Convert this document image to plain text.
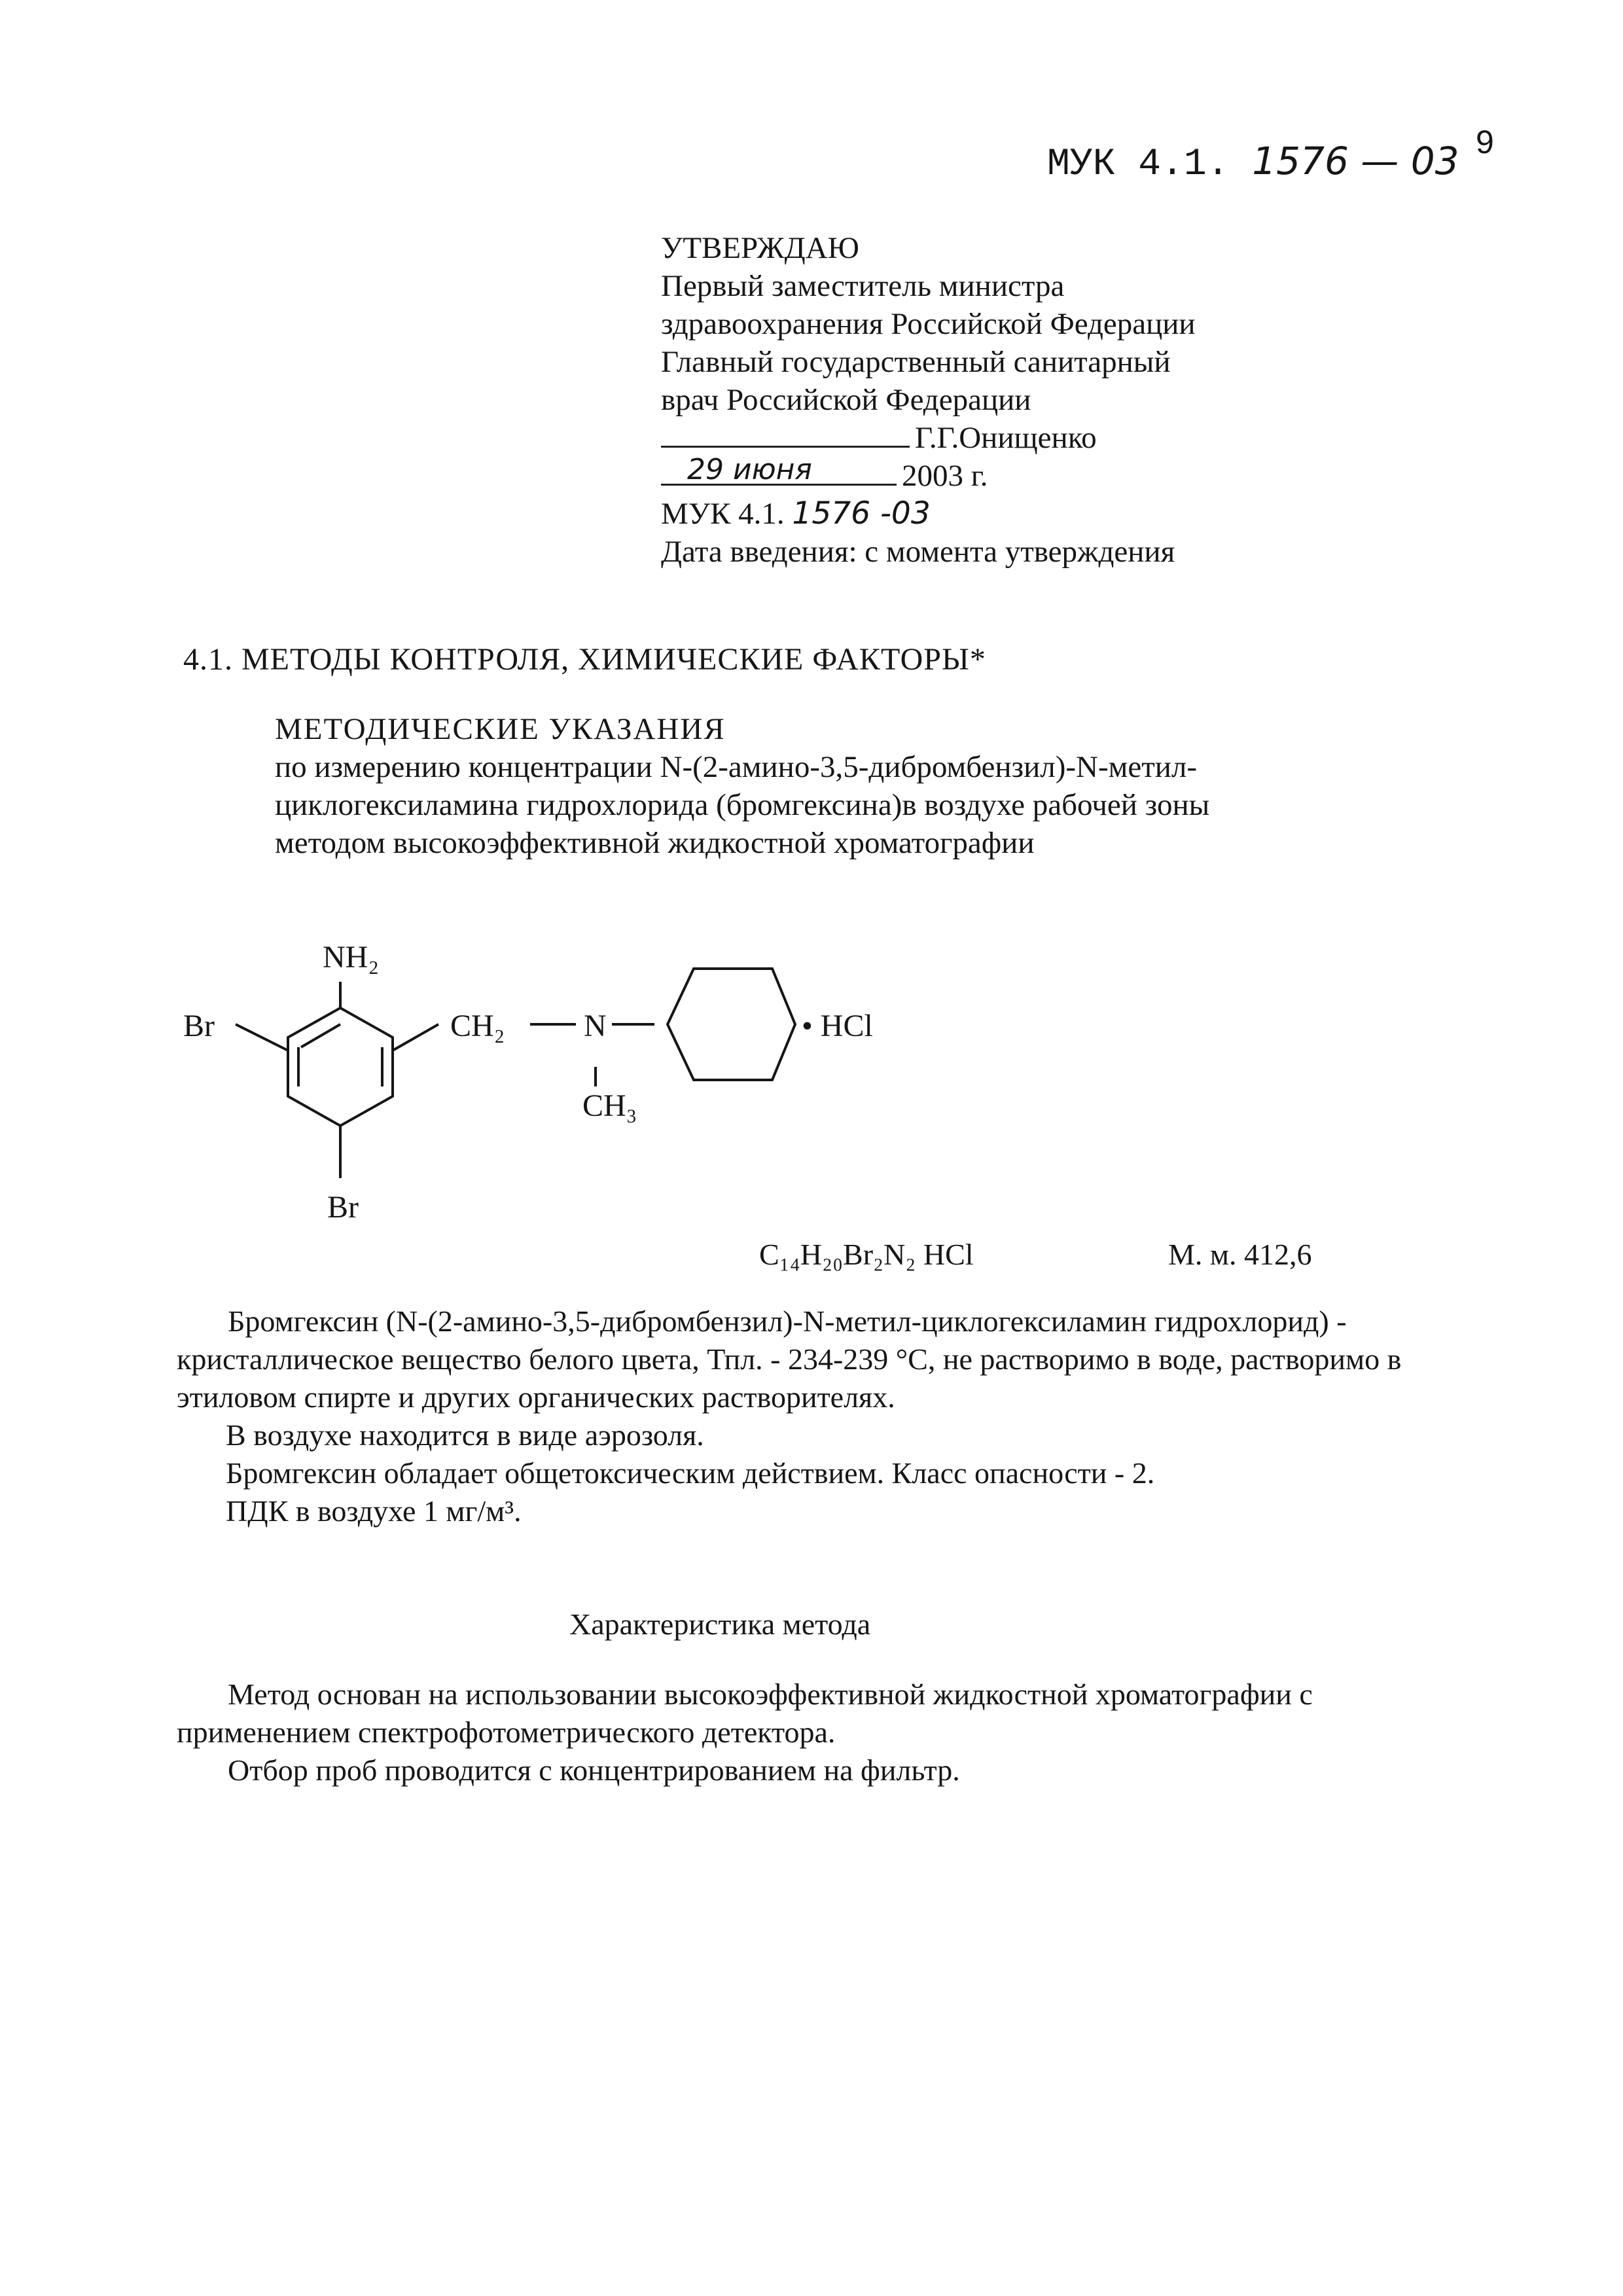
9
МУК 4.1. 1576 — 03
УТВЕРЖДАЮ
Первый заместитель министра
здравоохранения Российской Федерации
Главный государственный санитарный
врач Российской Федерации
Г.Г.Онищенко
29 июня	2003 г.
МУК 4.1. 1576 -03
Дата введения: с момента утверждения
4.1. МЕТОДЫ КОНТРОЛЯ, ХИМИЧЕСКИЕ ФАКТОРЫ*
МЕТОДИЧЕСКИЕ УКАЗАНИЯ
по измерению концентрации N-(2-амино-3,5-дибромбензил)-N-метил-
циклогексиламина гидрохлорида (бромгексина)в воздухе рабочей зоны
методом высокоэффективной жидкостной хроматографии
NH₂
Br
Br
CH₂	N
CH₃
• HCl
C₁₄H₂₀Br₂N₂ HCl	М. м. 412,6

Бромгексин (N-(2-амино-3,5-дибромбензил)-N-метил-циклогексиламин гидрохлорид) - кристаллическое вещество белого цвета, Тпл. - 234-239 °С, не растворимо в воде, растворимо в этиловом спирте и других органических растворителях.

В воздухе находится в виде аэрозоля.

Бромгексин обладает общетоксическим действием. Класс опасности - 2.

ПДК в воздухе 1 мг/м³.

Характеристика метода

Метод основан на использовании высокоэффективной жидкостной хроматографии с применением спектрофотометрического детектора.

Отбор проб проводится с концентрированием на фильтр.
